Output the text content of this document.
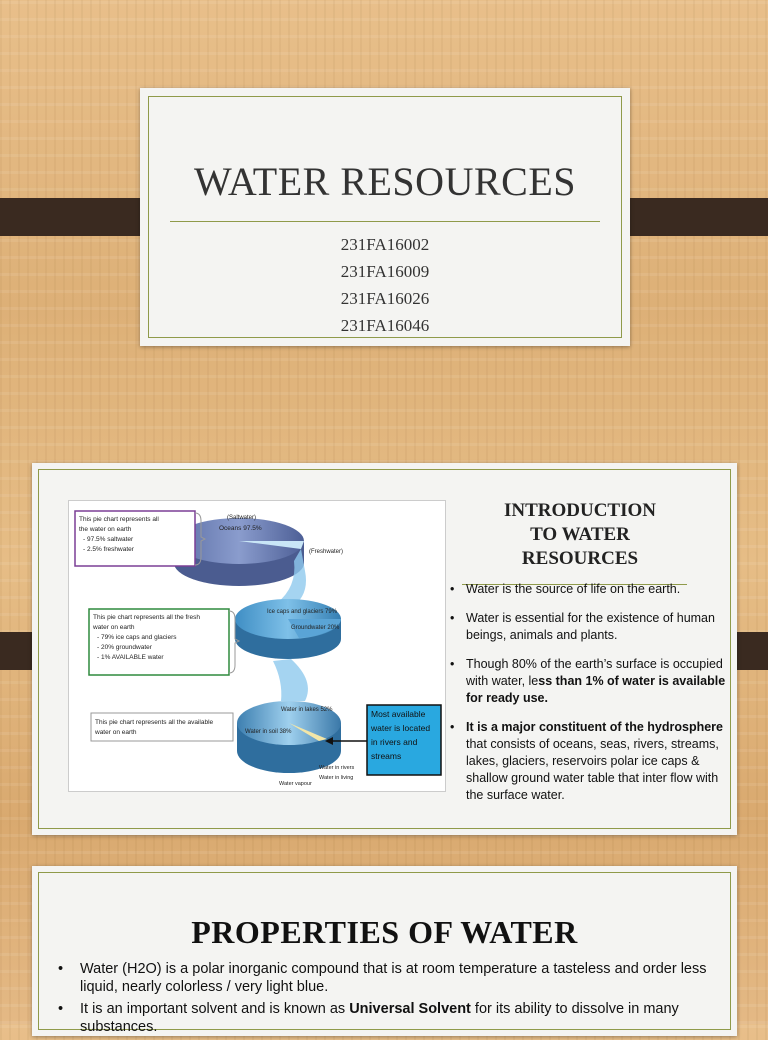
WATER RESOURCES
231FA16002
231FA16009
231FA16026
231FA16046
(Saltwater)
Oceans 97.5%
(Freshwater)
Ice caps and glaciers 79%
Groundwater 20%
Water in lakes 52%
Water in soil 38%
Water vapour
Water in rivers
Water in living
This pie chart represents all the water on earth - 97.5% saltwater - 2.5% freshwater
This pie chart represents all the fresh water on earth - 79% ice caps and glaciers - 20% groundwater - 1% AVAILABLE water
This pie chart represents all the available water on earth
Most available water is located in rivers and streams
INTRODUCTION
TO WATER
RESOURCES
• Water is the source of life on the earth.
• Water is essential for the existence of human beings, animals and plants.
• Though 80% of the earth’s surface is occupied with water, less than 1% of water is available for ready use.
• It is a major constituent of the hydrosphere that consists of oceans, seas, rivers, streams, lakes, glaciers, reservoirs polar ice caps & shallow ground water table that inter flow with the surface water.
PROPERTIES OF WATER
• Water (H2O) is a polar inorganic compound that is at room temperature a tasteless and order less liquid, nearly colorless / very light blue.
• It is an important solvent and is known as Universal Solvent for its ability to dissolve in many substances.
